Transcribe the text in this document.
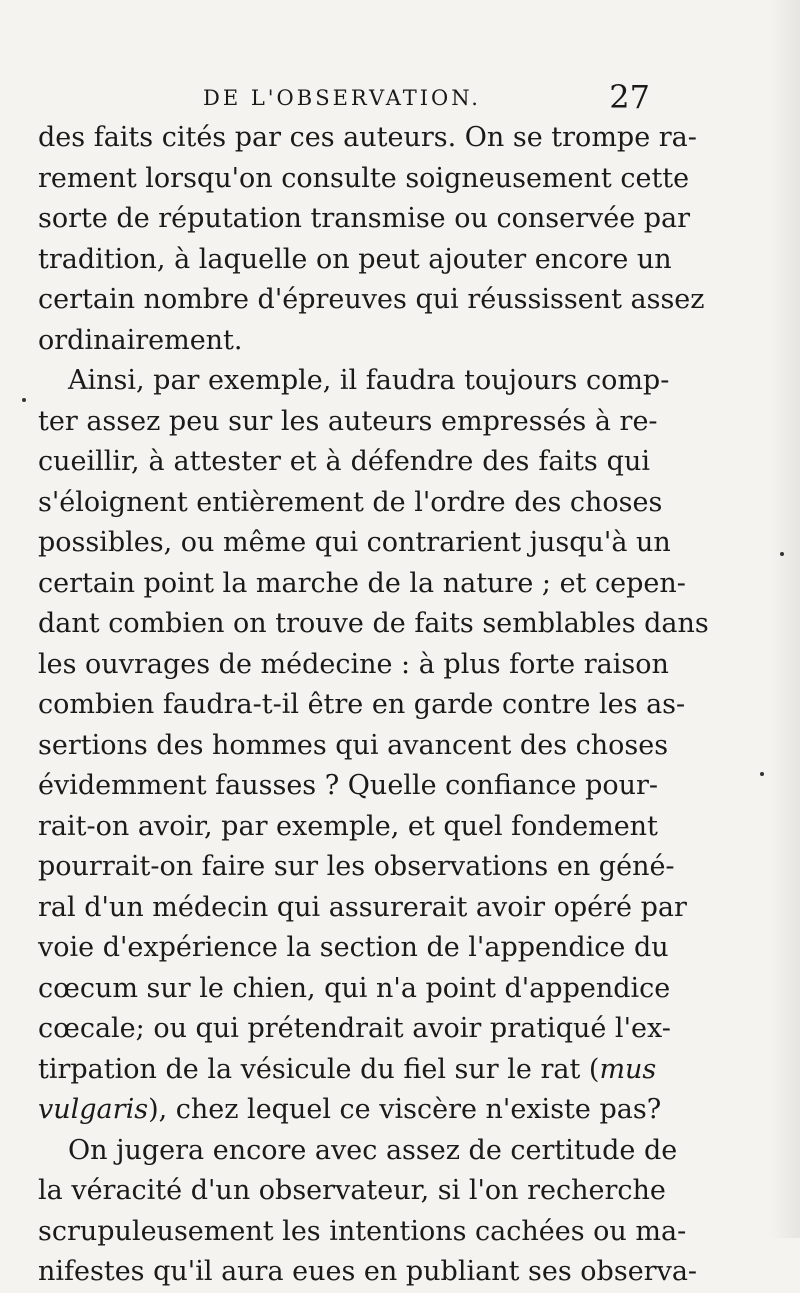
DE L'OBSERVATION.	27
des faits cités par ces auteurs. On se trompe ra-
rement lorsqu'on consulte soigneusement cette
sorte de réputation transmise ou conservée par
tradition, à laquelle on peut ajouter encore un
certain nombre d'épreuves qui réussissent assez
ordinairement.
Ainsi, par exemple, il faudra toujours comp-
ter assez peu sur les auteurs empressés à re-
cueillir, à attester et à défendre des faits qui
s'éloignent entièrement de l'ordre des choses
possibles, ou même qui contrarient jusqu'à un
certain point la marche de la nature ; et cepen-
dant combien on trouve de faits semblables dans
les ouvrages de médecine : à plus forte raison
combien faudra-t-il être en garde contre les as-
sertions des hommes qui avancent des choses
évidemment fausses ? Quelle confiance pour-
rait-on avoir, par exemple, et quel fondement
pourrait-on faire sur les observations en géné-
ral d'un médecin qui assurerait avoir opéré par
voie d'expérience la section de l'appendice du
cœcum sur le chien, qui n'a point d'appendice
cœcale; ou qui prétendrait avoir pratiqué l'ex-
tirpation de la vésicule du fiel sur le rat (mus
vulgaris), chez lequel ce viscère n'existe pas?
On jugera encore avec assez de certitude de
la véracité d'un observateur, si l'on recherche
scrupuleusement les intentions cachées ou ma-
nifestes qu'il aura eues en publiant ses observa-
